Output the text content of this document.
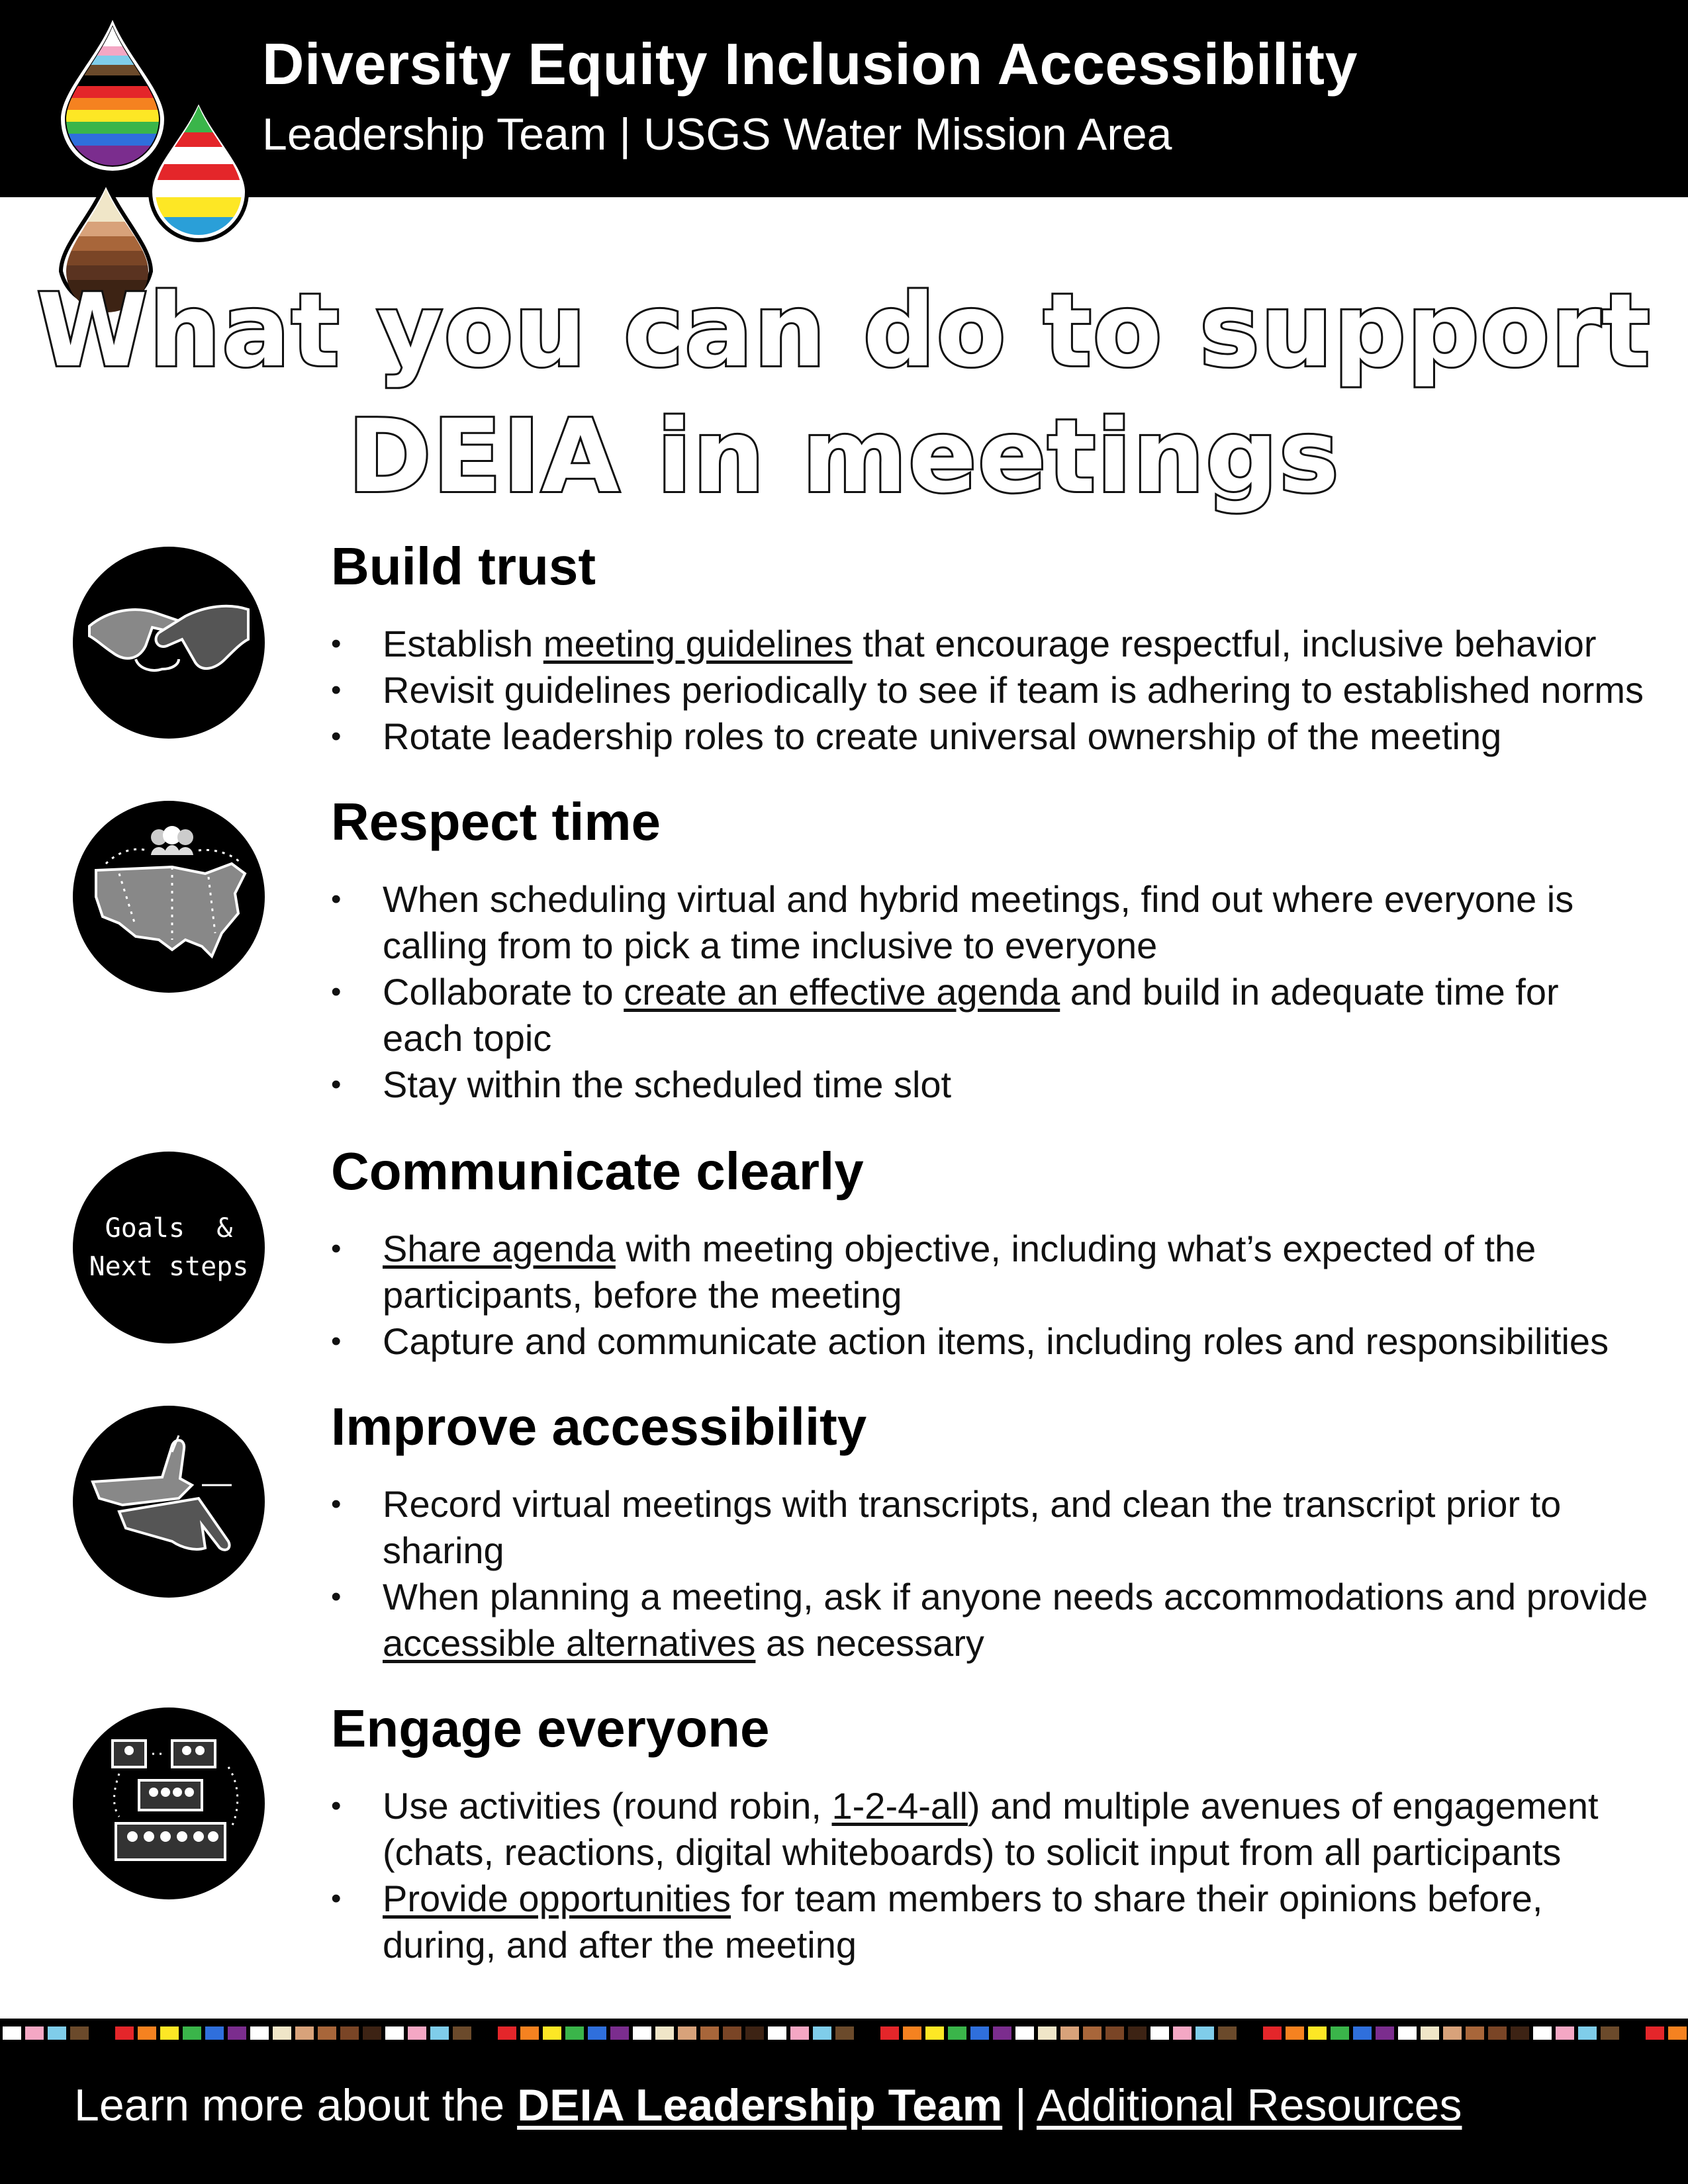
Diversity Equity Inclusion Accessibility
Leadership Team | USGS Water Mission Area
What you can do to support
DEIA in meetings
Build trust
• Establish meeting guidelines that encourage respectful, inclusive behavior
• Revisit guidelines periodically to see if team is adhering to established norms
• Rotate leadership roles to create universal ownership of the meeting
Respect time
• When scheduling virtual and hybrid meetings, find out where everyone is calling from to pick a time inclusive to everyone
• Collaborate to create an effective agenda and build in adequate time for each topic
• Stay within the scheduled time slot
Goals  &
Next steps
Communicate clearly
• Share agenda with meeting objective, including what’s expected of the participants, before the meeting
• Capture and communicate action items, including roles and responsibilities
Improve accessibility
• Record virtual meetings with transcripts, and clean the transcript prior to sharing
• When planning a meeting, ask if anyone needs accommodations and provide accessible alternatives as necessary
Engage everyone
• Use activities (round robin, 1-2-4-all) and multiple avenues of engagement (chats, reactions, digital whiteboards) to solicit input from all participants
• Provide opportunities for team members to share their opinions before, during, and after the meeting
Learn more about the DEIA Leadership Team | Additional Resources
